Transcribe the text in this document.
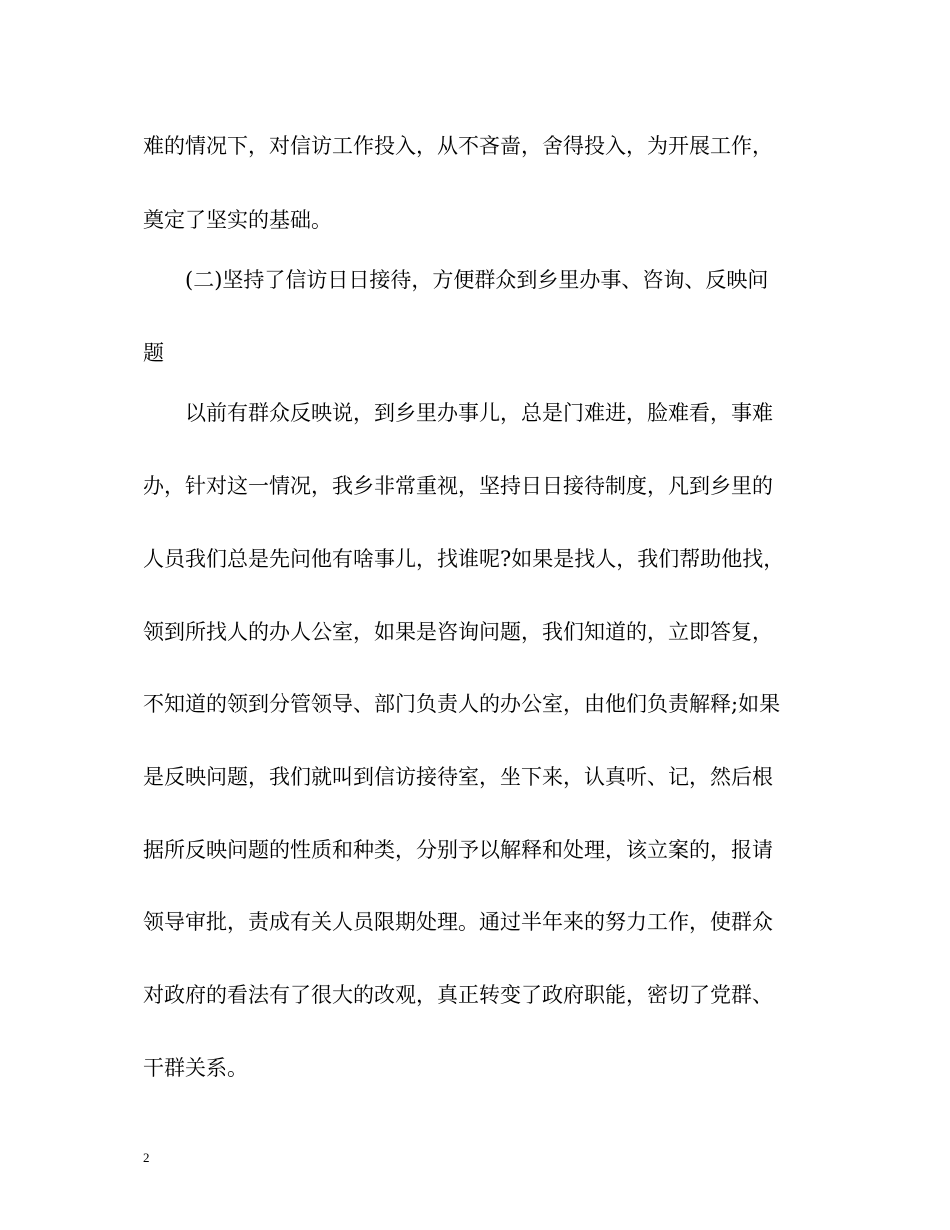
难的情况下，对信访工作投入，从不吝啬，舍得投入，为开展工作，
奠定了坚实的基础。
(二)坚持了信访日日接待，方便群众到乡里办事、咨询、反映问
题
以前有群众反映说，到乡里办事儿，总是门难进，脸难看，事难
办，针对这一情况，我乡非常重视，坚持日日接待制度，凡到乡里的
人员我们总是先问他有啥事儿，找谁呢?如果是找人，我们帮助他找，
领到所找人的办人公室，如果是咨询问题，我们知道的，立即答复，
不知道的领到分管领导、部门负责人的办公室，由他们负责解释;如果
是反映问题，我们就叫到信访接待室，坐下来，认真听、记，然后根
据所反映问题的性质和种类，分别予以解释和处理，该立案的，报请
领导审批，责成有关人员限期处理。通过半年来的努力工作，使群众
对政府的看法有了很大的改观，真正转变了政府职能，密切了党群、
干群关系。
2
